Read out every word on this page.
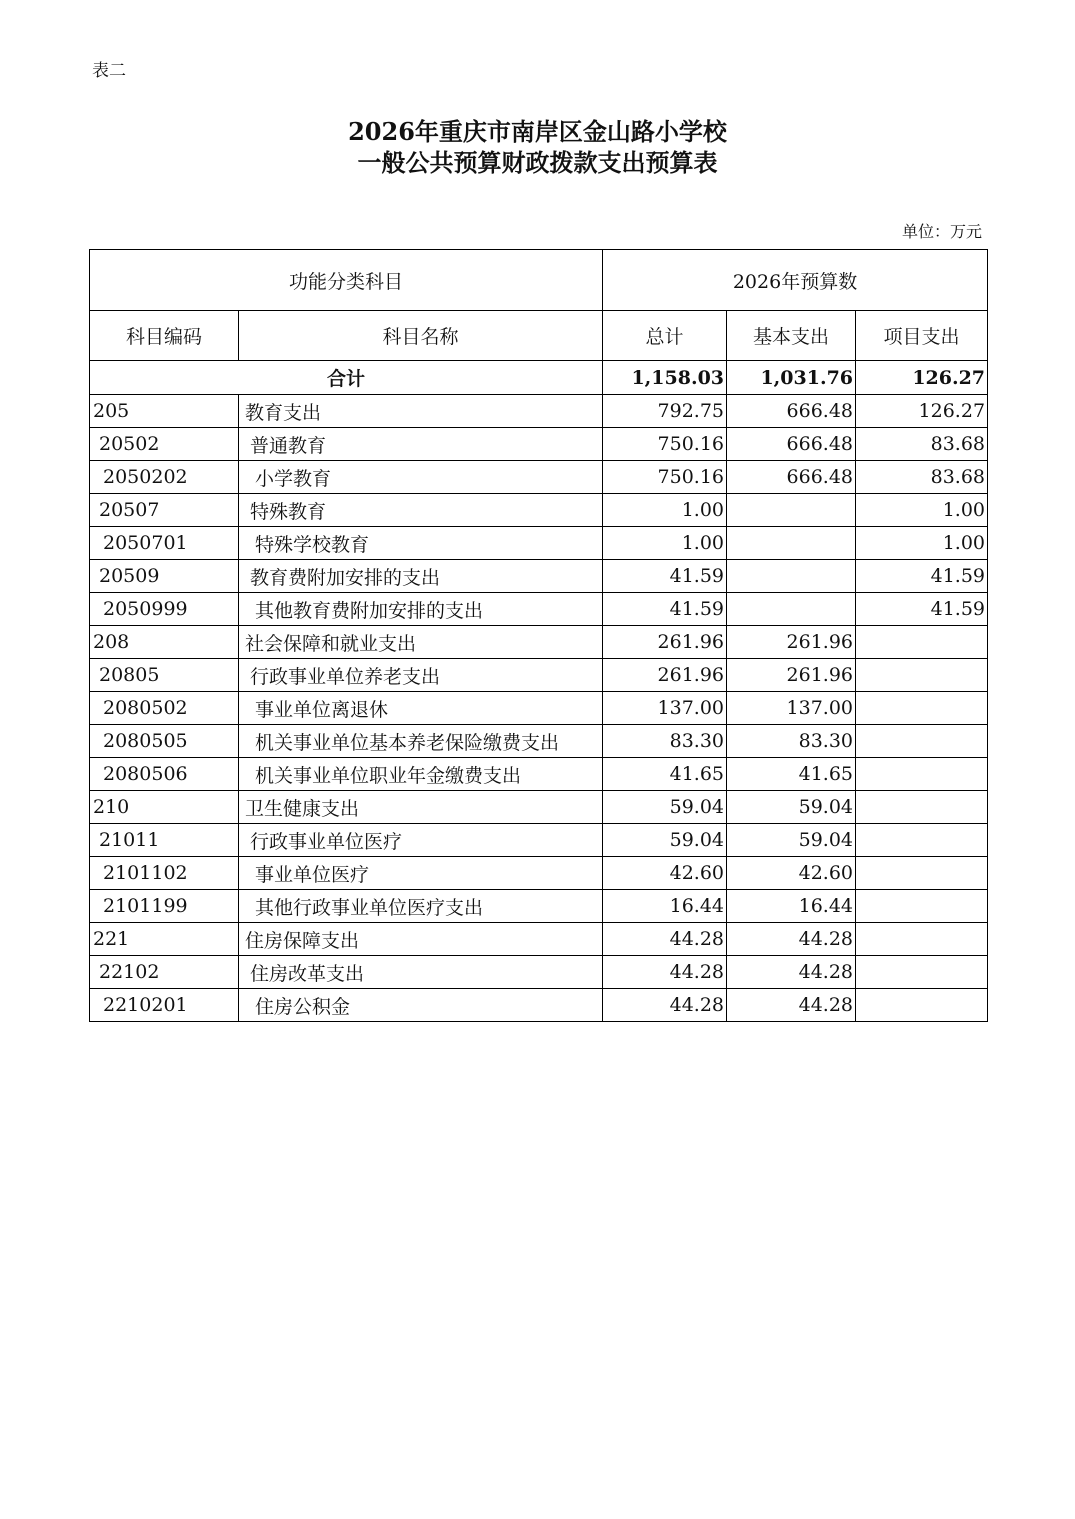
表二
2026年重庆市南岸区金山路小学校
一般公共预算财政拨款支出预算表
单位：万元
功能分类科目		2026年预算数		
科目编码	科目名称	总计	基本支出	项目支出
合计		1,158.03	1,031.76	126.27
205	教育支出	792.75	666.48	126.27
20502	普通教育	750.16	666.48	83.68
2050202	小学教育	750.16	666.48	83.68
20507	特殊教育	1.00		1.00
2050701	特殊学校教育	1.00		1.00
20509	教育费附加安排的支出	41.59		41.59
2050999	其他教育费附加安排的支出	41.59		41.59
208	社会保障和就业支出	261.96	261.96	
20805	行政事业单位养老支出	261.96	261.96	
2080502	事业单位离退休	137.00	137.00	
2080505	机关事业单位基本养老保险缴费支出	83.30	83.30	
2080506	机关事业单位职业年金缴费支出	41.65	41.65	
210	卫生健康支出	59.04	59.04	
21011	行政事业单位医疗	59.04	59.04	
2101102	事业单位医疗	42.60	42.60	
2101199	其他行政事业单位医疗支出	16.44	16.44	
221	住房保障支出	44.28	44.28	
22102	住房改革支出	44.28	44.28	
2210201	住房公积金	44.28	44.28	
